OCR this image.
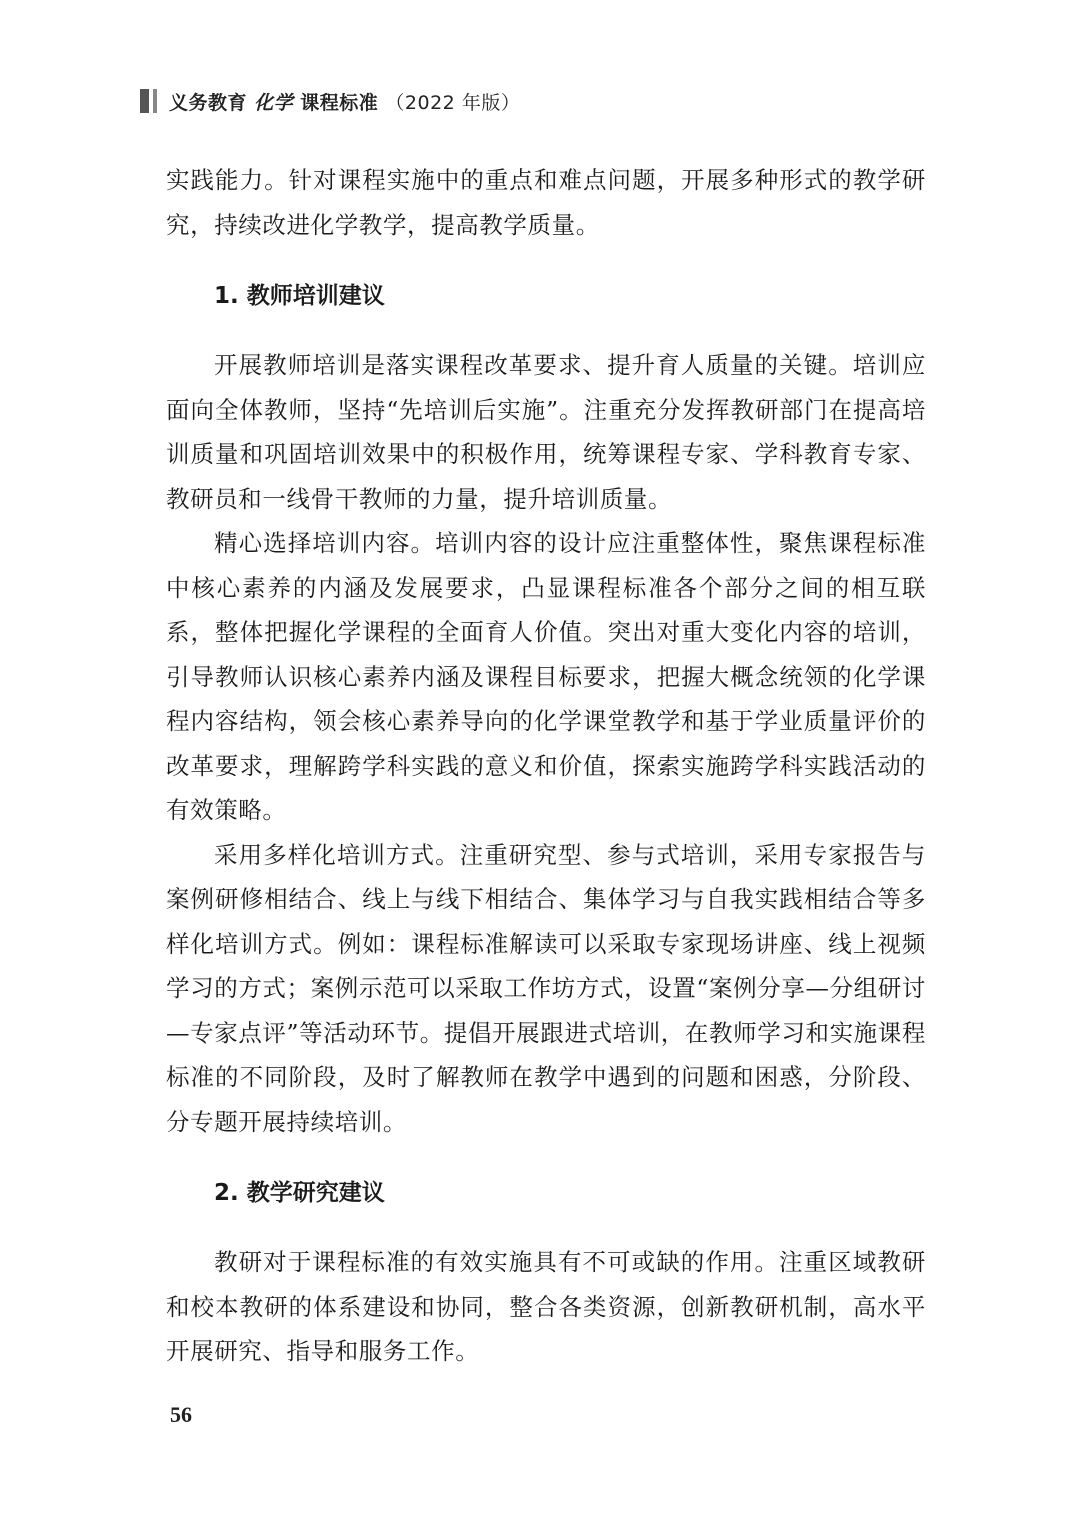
义务教育 化学 课程标准 （2022 年版）

实践能力。针对课程实施中的重点和难点问题，开展多种形式的教学研究，持续改进化学教学，提高教学质量。

1. 教师培训建议

开展教师培训是落实课程改革要求、提升育人质量的关键。培训应面向全体教师，坚持“先培训后实施”。注重充分发挥教研部门在提高培训质量和巩固培训效果中的积极作用，统筹课程专家、学科教育专家、教研员和一线骨干教师的力量，提升培训质量。

精心选择培训内容。培训内容的设计应注重整体性，聚焦课程标准中核心素养的内涵及发展要求，凸显课程标准各个部分之间的相互联系，整体把握化学课程的全面育人价值。突出对重大变化内容的培训，引导教师认识核心素养内涵及课程目标要求，把握大概念统领的化学课程内容结构，领会核心素养导向的化学课堂教学和基于学业质量评价的改革要求，理解跨学科实践的意义和价值，探索实施跨学科实践活动的有效策略。

采用多样化培训方式。注重研究型、参与式培训，采用专家报告与案例研修相结合、线上与线下相结合、集体学习与自我实践相结合等多样化培训方式。例如：课程标准解读可以采取专家现场讲座、线上视频学习的方式；案例示范可以采取工作坊方式，设置“案例分享—分组研讨—专家点评”等活动环节。提倡开展跟进式培训，在教师学习和实施课程标准的不同阶段，及时了解教师在教学中遇到的问题和困惑，分阶段、分专题开展持续培训。

2. 教学研究建议

教研对于课程标准的有效实施具有不可或缺的作用。注重区域教研和校本教研的体系建设和协同，整合各类资源，创新教研机制，高水平开展研究、指导和服务工作。

56
